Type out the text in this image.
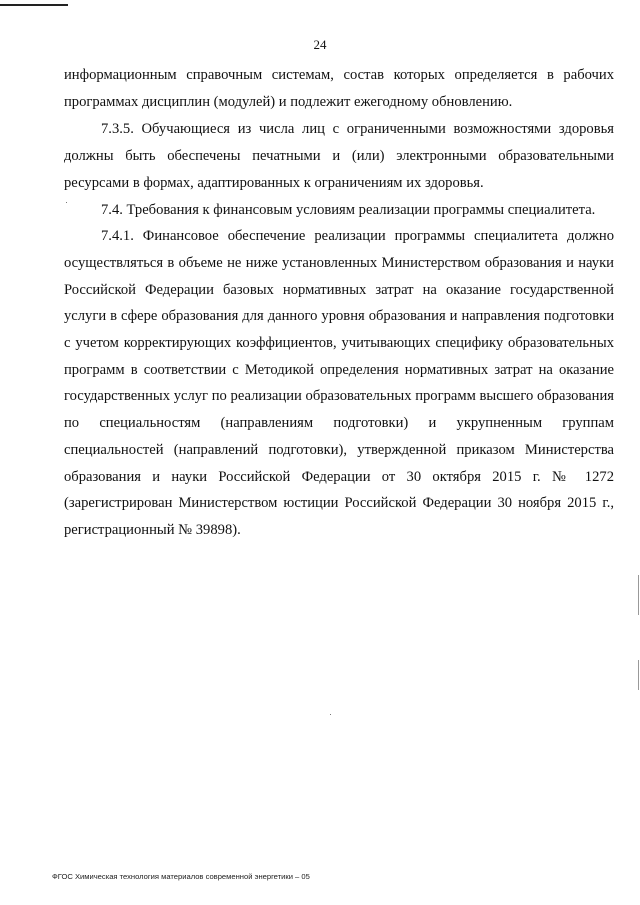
24

информационным справочным системам, состав которых определяется в рабочих программах дисциплин (модулей) и подлежит ежегодному обновлению.

7.3.5. Обучающиеся из числа лиц с ограниченными возможностями здоровья должны быть обеспечены печатными и (или) электронными образовательными ресурсами в формах, адаптированных к ограничениям их здоровья.

7.4. Требования к финансовым условиям реализации программы специалитета.

7.4.1. Финансовое обеспечение реализации программы специалитета должно осуществляться в объеме не ниже установленных Министерством образования и науки Российской Федерации базовых нормативных затрат на оказание государственной услуги в сфере образования для данного уровня образования и направления подготовки с учетом корректирующих коэффициентов, учитывающих специфику образовательных программ в соответствии с Методикой определения нормативных затрат на оказание государственных услуг по реализации образовательных программ высшего образования по специальностям (направлениям подготовки) и укрупненным группам специальностей (направлений подготовки), утвержденной приказом Министерства образования и науки Российской Федерации от 30 октября 2015 г. № 1272 (зарегистрирован Министерством юстиции Российской Федерации 30 ноября 2015 г., регистрационный № 39898).

ФГОС Химическая технология материалов современной энергетики – 05
